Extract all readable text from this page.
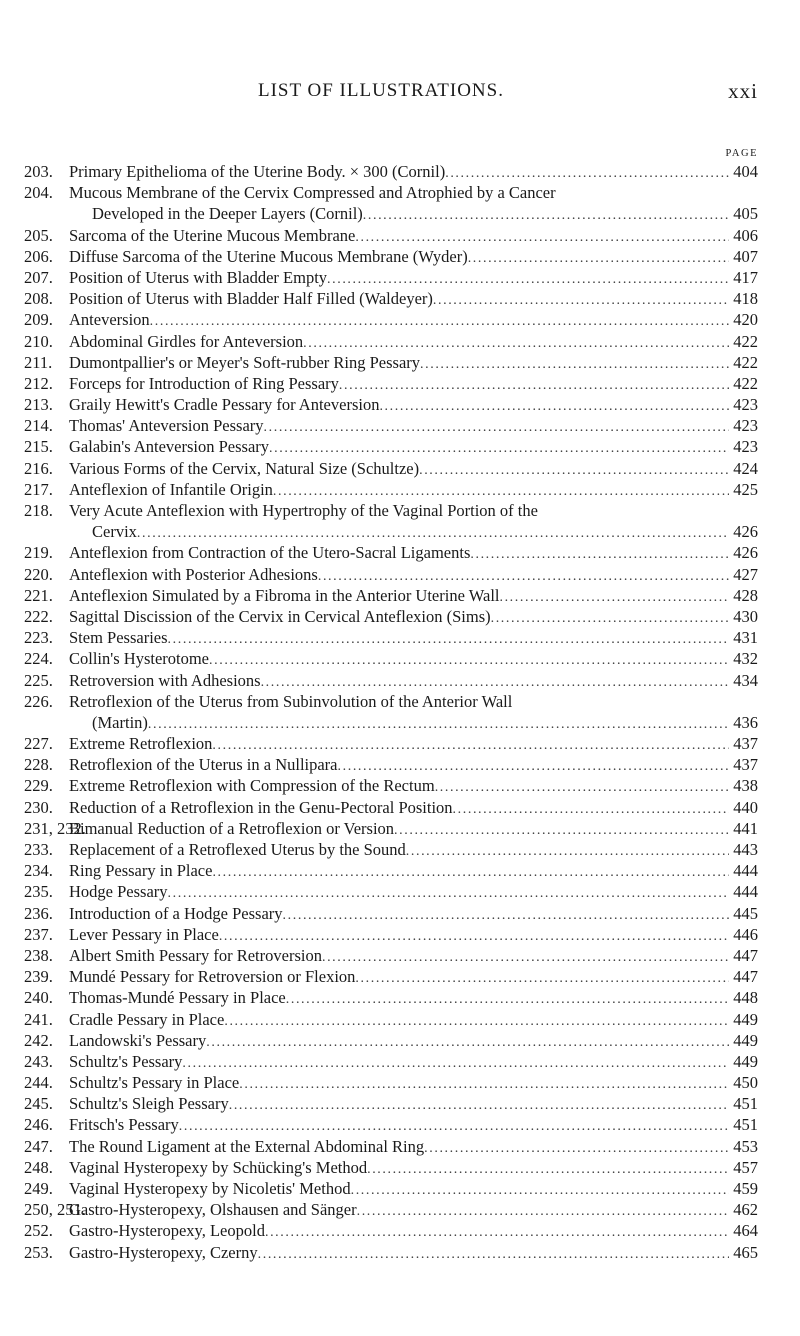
LIST OF ILLUSTRATIONS.	xxi
PAGE
203. Primary Epithelioma of the Uterine Body. × 300 (Cornil) .....	404
204. Mucous Membrane of the Cervix Compressed and Atrophied by a Cancer
Developed in the Deeper Layers (Cornil) .....	405
205. Sarcoma of the Uterine Mucous Membrane .....	406
206. Diffuse Sarcoma of the Uterine Mucous Membrane (Wyder) .....	407
207. Position of Uterus with Bladder Empty .....	417
208. Position of Uterus with Bladder Half Filled (Waldeyer) .....	418
209. Anteversion .....	420
210. Abdominal Girdles for Anteversion .....	422
211.	Dumontpallier's or Meyer's Soft-rubber Ring Pessary .....	422
212. Forceps for Introduction of Ring Pessary .....	422
213. Graily Hewitt's Cradle Pessary for Anteversion .....	423
214. Thomas' Anteversion Pessary .....	423
215. Galabin's Anteversion Pessary .....	423
216. Various Forms of the Cervix, Natural Size (Schultze) .....	424
217. Anteflexion of Infantile Origin .....	425
218. Very Acute Anteflexion with Hypertrophy of the Vaginal Portion of the
Cervix .....	426
219. Anteflexion from Contraction of the Utero-Sacral Ligaments .....	426
220. Anteflexion with Posterior Adhesions .....	427
221. Anteflexion Simulated by a Fibroma in the Anterior Uterine Wall .....	428
222. Sagittal Discission of the Cervix in Cervical Anteflexion (Sims) .....	430
223. Stem Pessaries .....	431
224. Collin's Hysterotome .....	432
225. Retroversion with Adhesions .....	434
226. Retroflexion of the Uterus from Subinvolution of the Anterior Wall
(Martin) .....	436
227. Extreme Retroflexion .....	437
228. Retroflexion of the Uterus in a Nullipara .....	437
229. Extreme Retroflexion with Compression of the Rectum .....	438
230. Reduction of a Retroflexion in the Genu-Pectoral Position .....	440
231, 232.
Bimanual Reduction of a Retroflexion or Version .....	441
233. Replacement of a Retroflexed Uterus by the Sound .....	443
234. Ring Pessary in Place .....	444
235. Hodge Pessary .....	444
236. Introduction of a Hodge Pessary .....	445
237. Lever Pessary in Place .....	446
238. Albert Smith Pessary for Retroversion .....	447
239. Mundé Pessary for Retroversion or Flexion .....	447
240. Thomas-Mundé Pessary in Place .....	448
241. Cradle Pessary in Place .....	449
242. Landowski's Pessary .....	449
243. Schultz's Pessary .....	449
244. Schultz's Pessary in Place .....	450
245. Schultz's Sleigh Pessary .....	451
246. Fritsch's Pessary .....	451
247. The Round Ligament at the External Abdominal Ring .....	453
248. Vaginal Hysteropexy by Schücking's Method .....	457
249. Vaginal Hysteropexy by Nicoletis' Method .....	459
250, 251.
Gastro-Hysteropexy, Olshausen and Sänger .....	462
252. Gastro-Hysteropexy, Leopold .....	464
253. Gastro-Hysteropexy, Czerny .....	465
